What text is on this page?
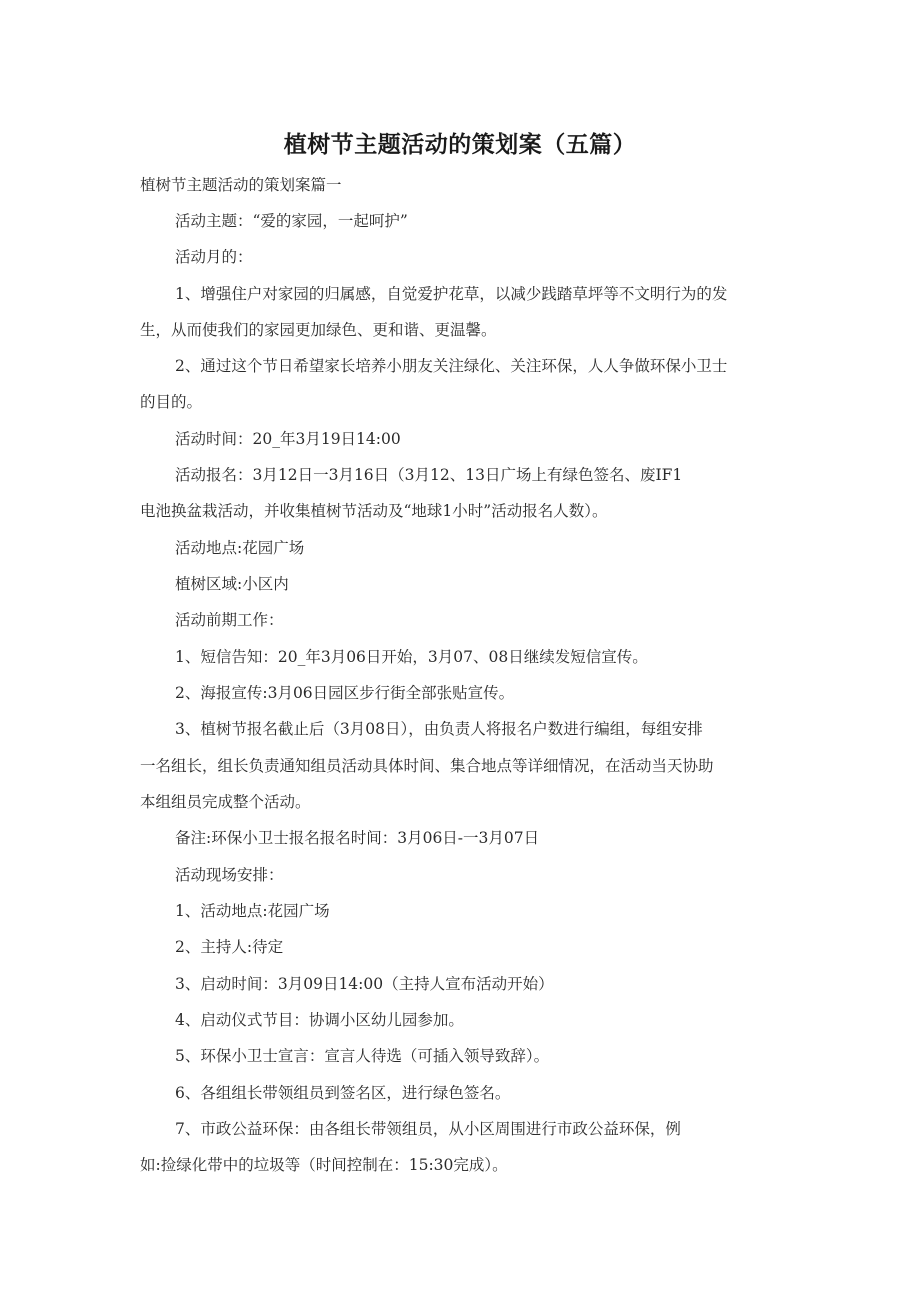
植树节主题活动的策划案（五篇）

植树节主题活动的策划案篇一

活动主题：“爱的家园，一起呵护”

活动月的：

1、增强住户对家园的归属感，自觉爱护花草，以减少践踏草坪等不文明行为的发

生，从而使我们的家园更加绿色、更和谐、更温馨。

2、通过这个节日希望家长培养小朋友关注绿化、关注环保，人人争做环保小卫士

的目的。

活动时间：20_年3月19日14:00

活动报名：3月12日一3月16日（3月12、13日广场上有绿色签名、废IF1

电池换盆栽活动，并收集植树节活动及“地球1小时”活动报名人数）。

活动地点:花园广场

植树区域:小区内

活动前期工作：

1、短信告知：20_年3月06日开始，3月07、08日继续发短信宣传。

2、海报宣传:3月06日园区步行街全部张贴宣传。

3、植树节报名截止后（3月08日），由负责人将报名户数进行编组，每组安排

一名组长，组长负责通知组员活动具体时间、集合地点等详细情况，在活动当天协助

本组组员完成整个活动。

备注:环保小卫士报名报名时间：3月06日-一3月07日

活动现场安排：

1、活动地点:花园广场

2、主持人:待定

3、启动时间：3月09日14:00（主持人宣布活动开始）

4、启动仪式节目：协调小区幼儿园参加。

5、环保小卫士宣言：宣言人待选（可插入领导致辞）。

6、各组组长带领组员到签名区，进行绿色签名。

7、市政公益环保：由各组长带领组员，从小区周围进行市政公益环保，例

如:捡绿化带中的垃圾等（时间控制在：15:30完成）。
